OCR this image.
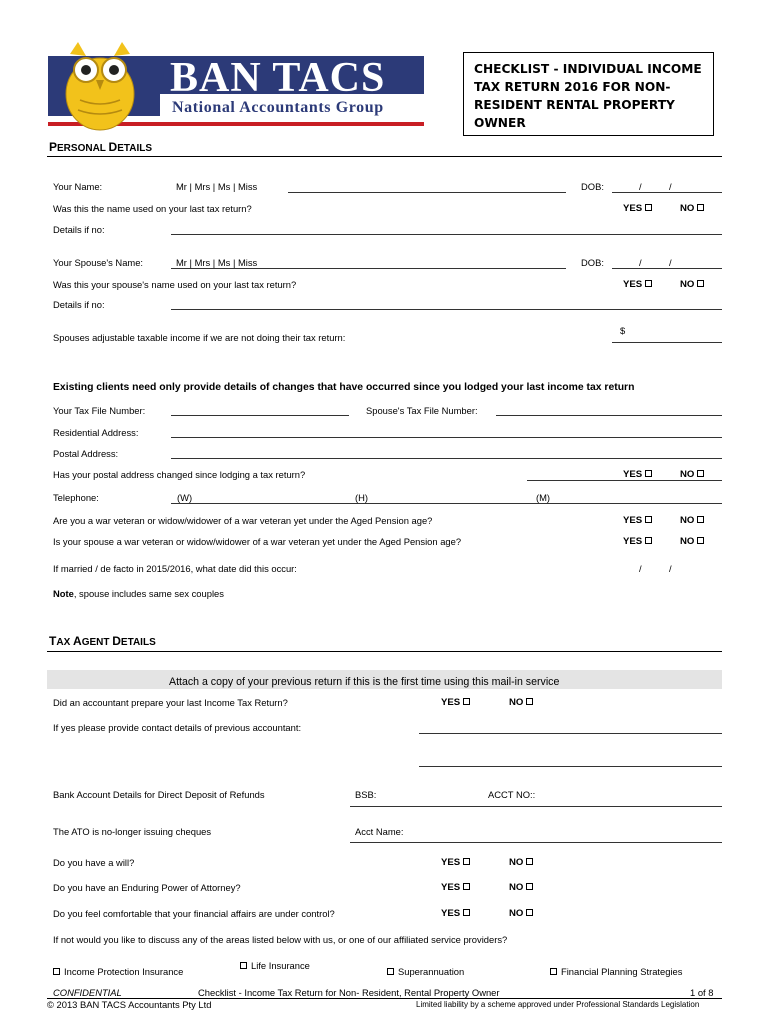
BAN TACS
National Accountants Group
CHECKLIST - INDIVIDUAL INCOME TAX RETURN 2016 FOR NON-RESIDENT RENTAL PROPERTY OWNER
PERSONAL DETAILS
Your Name:	Mr | Mrs | Ms | Miss	DOB:	/	/
Was this the name used on your last tax return?	YES	NO
Details if no:
Your Spouse's Name:	Mr | Mrs | Ms | Miss	DOB:	/	/
Was this your spouse's name used on your last tax return?	YES	NO
Details if no:
Spouses adjustable taxable income if we are not doing their tax return:
$
Existing clients need only provide details of changes that have occurred since you lodged your last income tax return
Your Tax File Number:	Spouse's Tax File Number:
Residential Address:
Postal Address:
Has your postal address changed since lodging a tax return?	YES	NO
Telephone:	(W)	(H)	(M)
Are you a war veteran or widow/widower of a war veteran yet under the Aged Pension age?	YES	NO
Is your spouse a war veteran or widow/widower of a war veteran yet under the Aged Pension age?	YES	NO
If married / de facto in 2015/2016, what date did this occur:	/	/
Note, spouse includes same sex couples
TAX AGENT DETAILS
Attach a copy of your previous return if this is the first time using this mail-in service
Did an accountant prepare your last Income Tax Return?	YES	NO
If yes please provide contact details of previous accountant:
Bank Account Details for Direct Deposit of Refunds	BSB:	ACCT NO::
The ATO is no-longer issuing cheques	Acct Name:
Do you have a will?	YES	NO
Do you have an Enduring Power of Attorney?	YES	NO
Do you feel comfortable that your financial affairs are under control?	YES	NO
If not would you like to discuss any of the areas listed below with us, or one of our affiliated service providers?
Income Protection Insurance
Life Insurance
Superannuation	Financial Planning Strategies
CONFIDENTIAL
© 2013 BAN TACS Accountants Pty Ltd
Checklist - Income Tax Return for Non- Resident, Rental Property Owner	1 of 8
Limited liability by a scheme approved under Professional Standards Legislation
